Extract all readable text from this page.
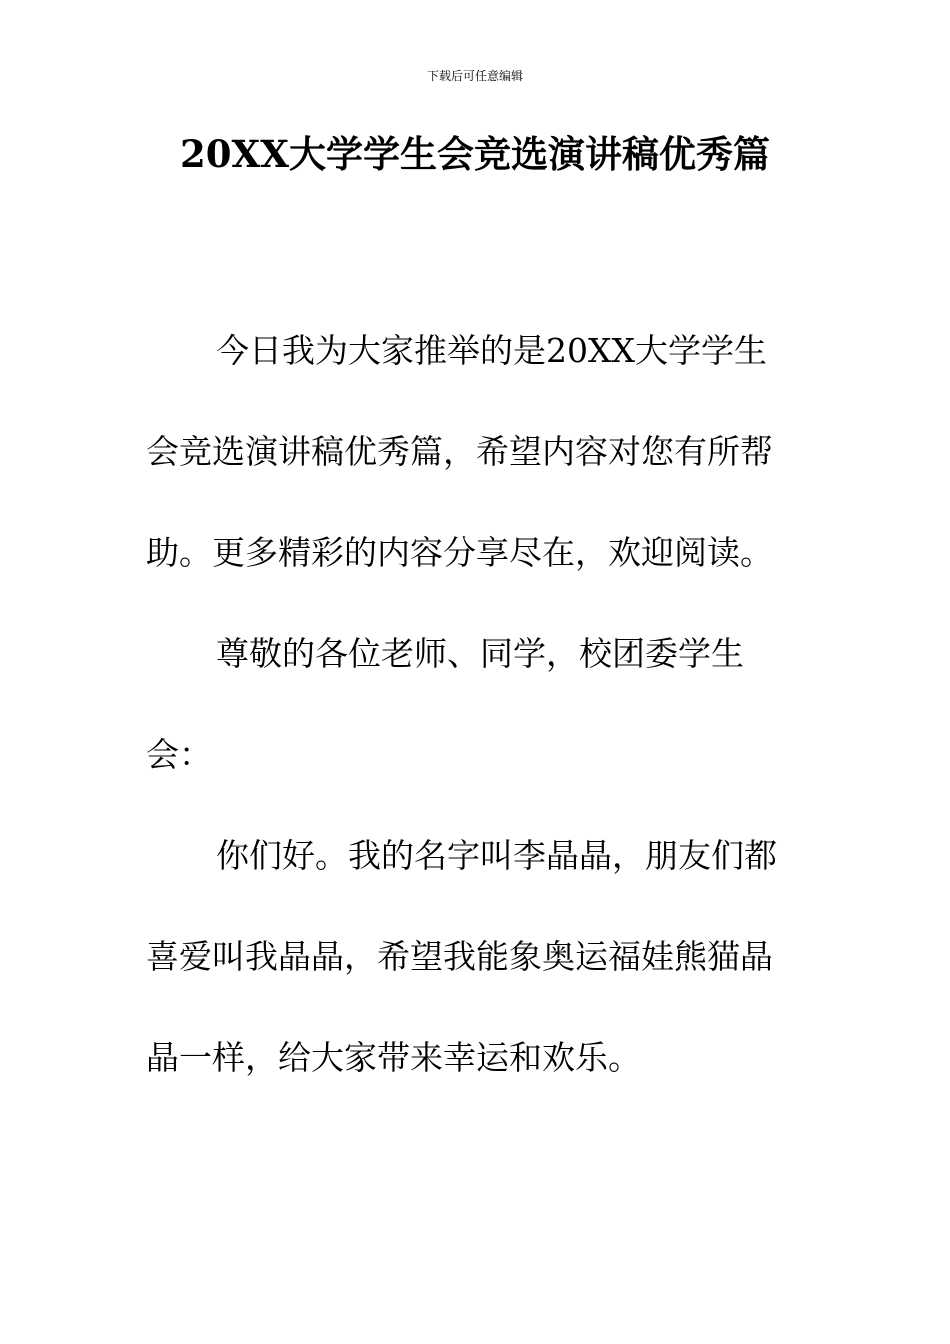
下载后可任意编辑
20XX大学学生会竞选演讲稿优秀篇

今日我为大家推举的是20XX大学学生会竞选演讲稿优秀篇，希望内容对您有所帮助。更多精彩的内容分享尽在，欢迎阅读。

尊敬的各位老师、同学，校团委学生会：

你们好。我的名字叫李晶晶，朋友们都喜爱叫我晶晶，希望我能象奥运福娃熊猫晶晶一样，给大家带来幸运和欢乐。
